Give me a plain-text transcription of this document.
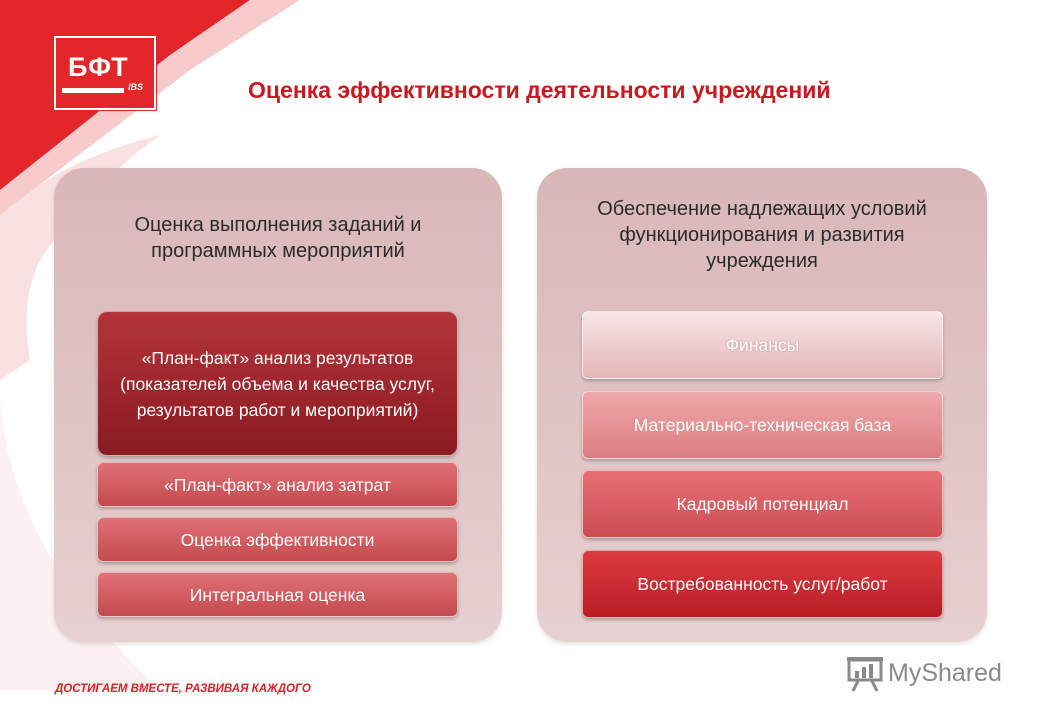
БФТ
IBS	Оценка эффективности деятельности учреждений
Оценка выполнения заданий и программных мероприятий
«План-факт» анализ результатов (показателей объема и качества услуг, результатов работ и мероприятий)
«План-факт» анализ затрат
Оценка эффективности
Интегральная оценка
Обеспечение надлежащих условий функционирования и развития учреждения
Финансы
Материально-техническая база
Кадровый потенциал
Востребованность услуг/работ
ДОСТИГАЕМ ВМЕСТЕ, РАЗВИВАЯ КАЖДОГО
MyShared
